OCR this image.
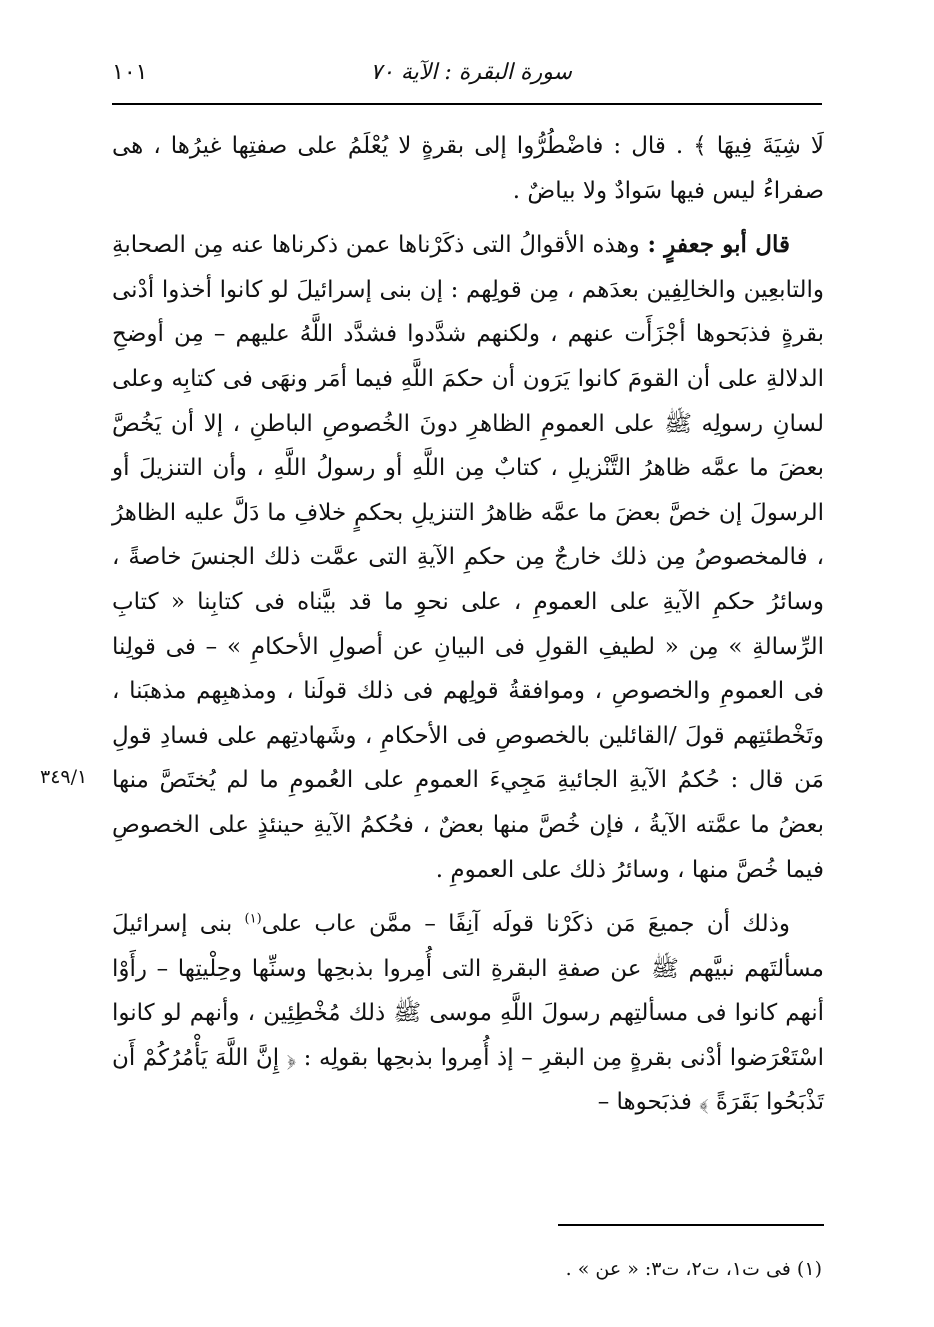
سورة البقرة : الآية ٧٠
١٠١

لَا شِيَةَ فِيهَا ﴾ . قال : فاضْطُرُّوا إلى بقرةٍ لا يُعْلَمُ على صفتِها غيرُها ، هى صفراءُ ليس فيها سَوادٌ ولا بياضٌ .

قال أبو جعفرٍ : وهذه الأقوالُ التى ذكَرْناها عمن ذكرناها عنه مِن الصحابةِ والتابعِين والخالِفِين بعدَهم ، مِن قولِهم : إن بنى إسرائيلَ لو كانوا أخذوا أدْنى بقرةٍ فذبَحوها أجْزَأَت عنهم ، ولكنهم شدَّدوا فشدَّد اللَّهُ عليهم – مِن أوضحِ الدلالةِ على أن القومَ كانوا يَرَون أن حكمَ اللَّهِ فيما أمَر ونهَى فى كتابِه وعلى لسانِ رسولِه ﷺ على العمومِ الظاهرِ دونَ الخُصوصِ الباطنِ ، إلا أن يَخُصَّ بعضَ ما عمَّه ظاهرُ التَّنْزيلِ ، كتابٌ مِن اللَّهِ أو رسولُ اللَّهِ ، وأن التنزيلَ أو الرسولَ إن خصَّ بعضَ ما عمَّه ظاهرُ التنزيلِ بحكمٍ خلافِ ما دَلَّ عليه الظاهرُ ، فالمخصوصُ مِن ذلك خارجٌ مِن حكمِ الآيةِ التى عمَّت ذلك الجنسَ خاصةً ، وسائرُ حكمِ الآيةِ على العمومِ ، على نحوِ ما قد بيَّناه فى كتابِنا « كتابِ الرِّسالةِ » مِن « لطيفِ القولِ فى البيانِ عن أصولِ الأحكامِ » – فى قولِنا فى العمومِ والخصوصِ ، وموافقةُ قولِهم فى ذلك قولَنا ، ومذهبِهم مذهبَنا ، وتَخْطئتِهم قولَ /القائلين بالخصوصِ فى الأحكامِ ، وشَهادتِهم على فسادِ قولِ مَن قال : حُكمُ الآيةِ الجائيةِ مَجِيءَ العمومِ على العُمومِ ما لم يُختَصَّ منها بعضُ ما عمَّته الآيةُ ، فإن خُصَّ منها بعضٌ ، فحُكمُ الآيةِ حينئذٍ على الخصوصِ فيما خُصَّ منها ، وسائرُ ذلك على العمومِ .

وذلك أن جميعَ مَن ذكَرْنا قولَه آنِفًا – ممَّن عاب على$^{(١)}$ بنى إسرائيلَ مسألتَهم نبيَّهم ﷺ عن صفةِ البقرةِ التى أُمِروا بذبحِها وسنِّها وحِلْيتِها – رأَوْا أنهم كانوا فى مسألتِهم رسولَ اللَّهِ موسى ﷺ ذلك مُخْطِئِين ، وأنهم لو كانوا اسْتَعْرَضوا أدْنى بقرةٍ مِن البقرِ – إذ أُمِروا بذبحِها بقولِه : ﴿ إِنَّ اللَّهَ يَأْمُرُكُمْ أَن تَذْبَحُوا بَقَرَةً ﴾ فذبَحوها –

٣٤٩/١
(١) فى ت١، ت٢، ت٣: « عن » .
